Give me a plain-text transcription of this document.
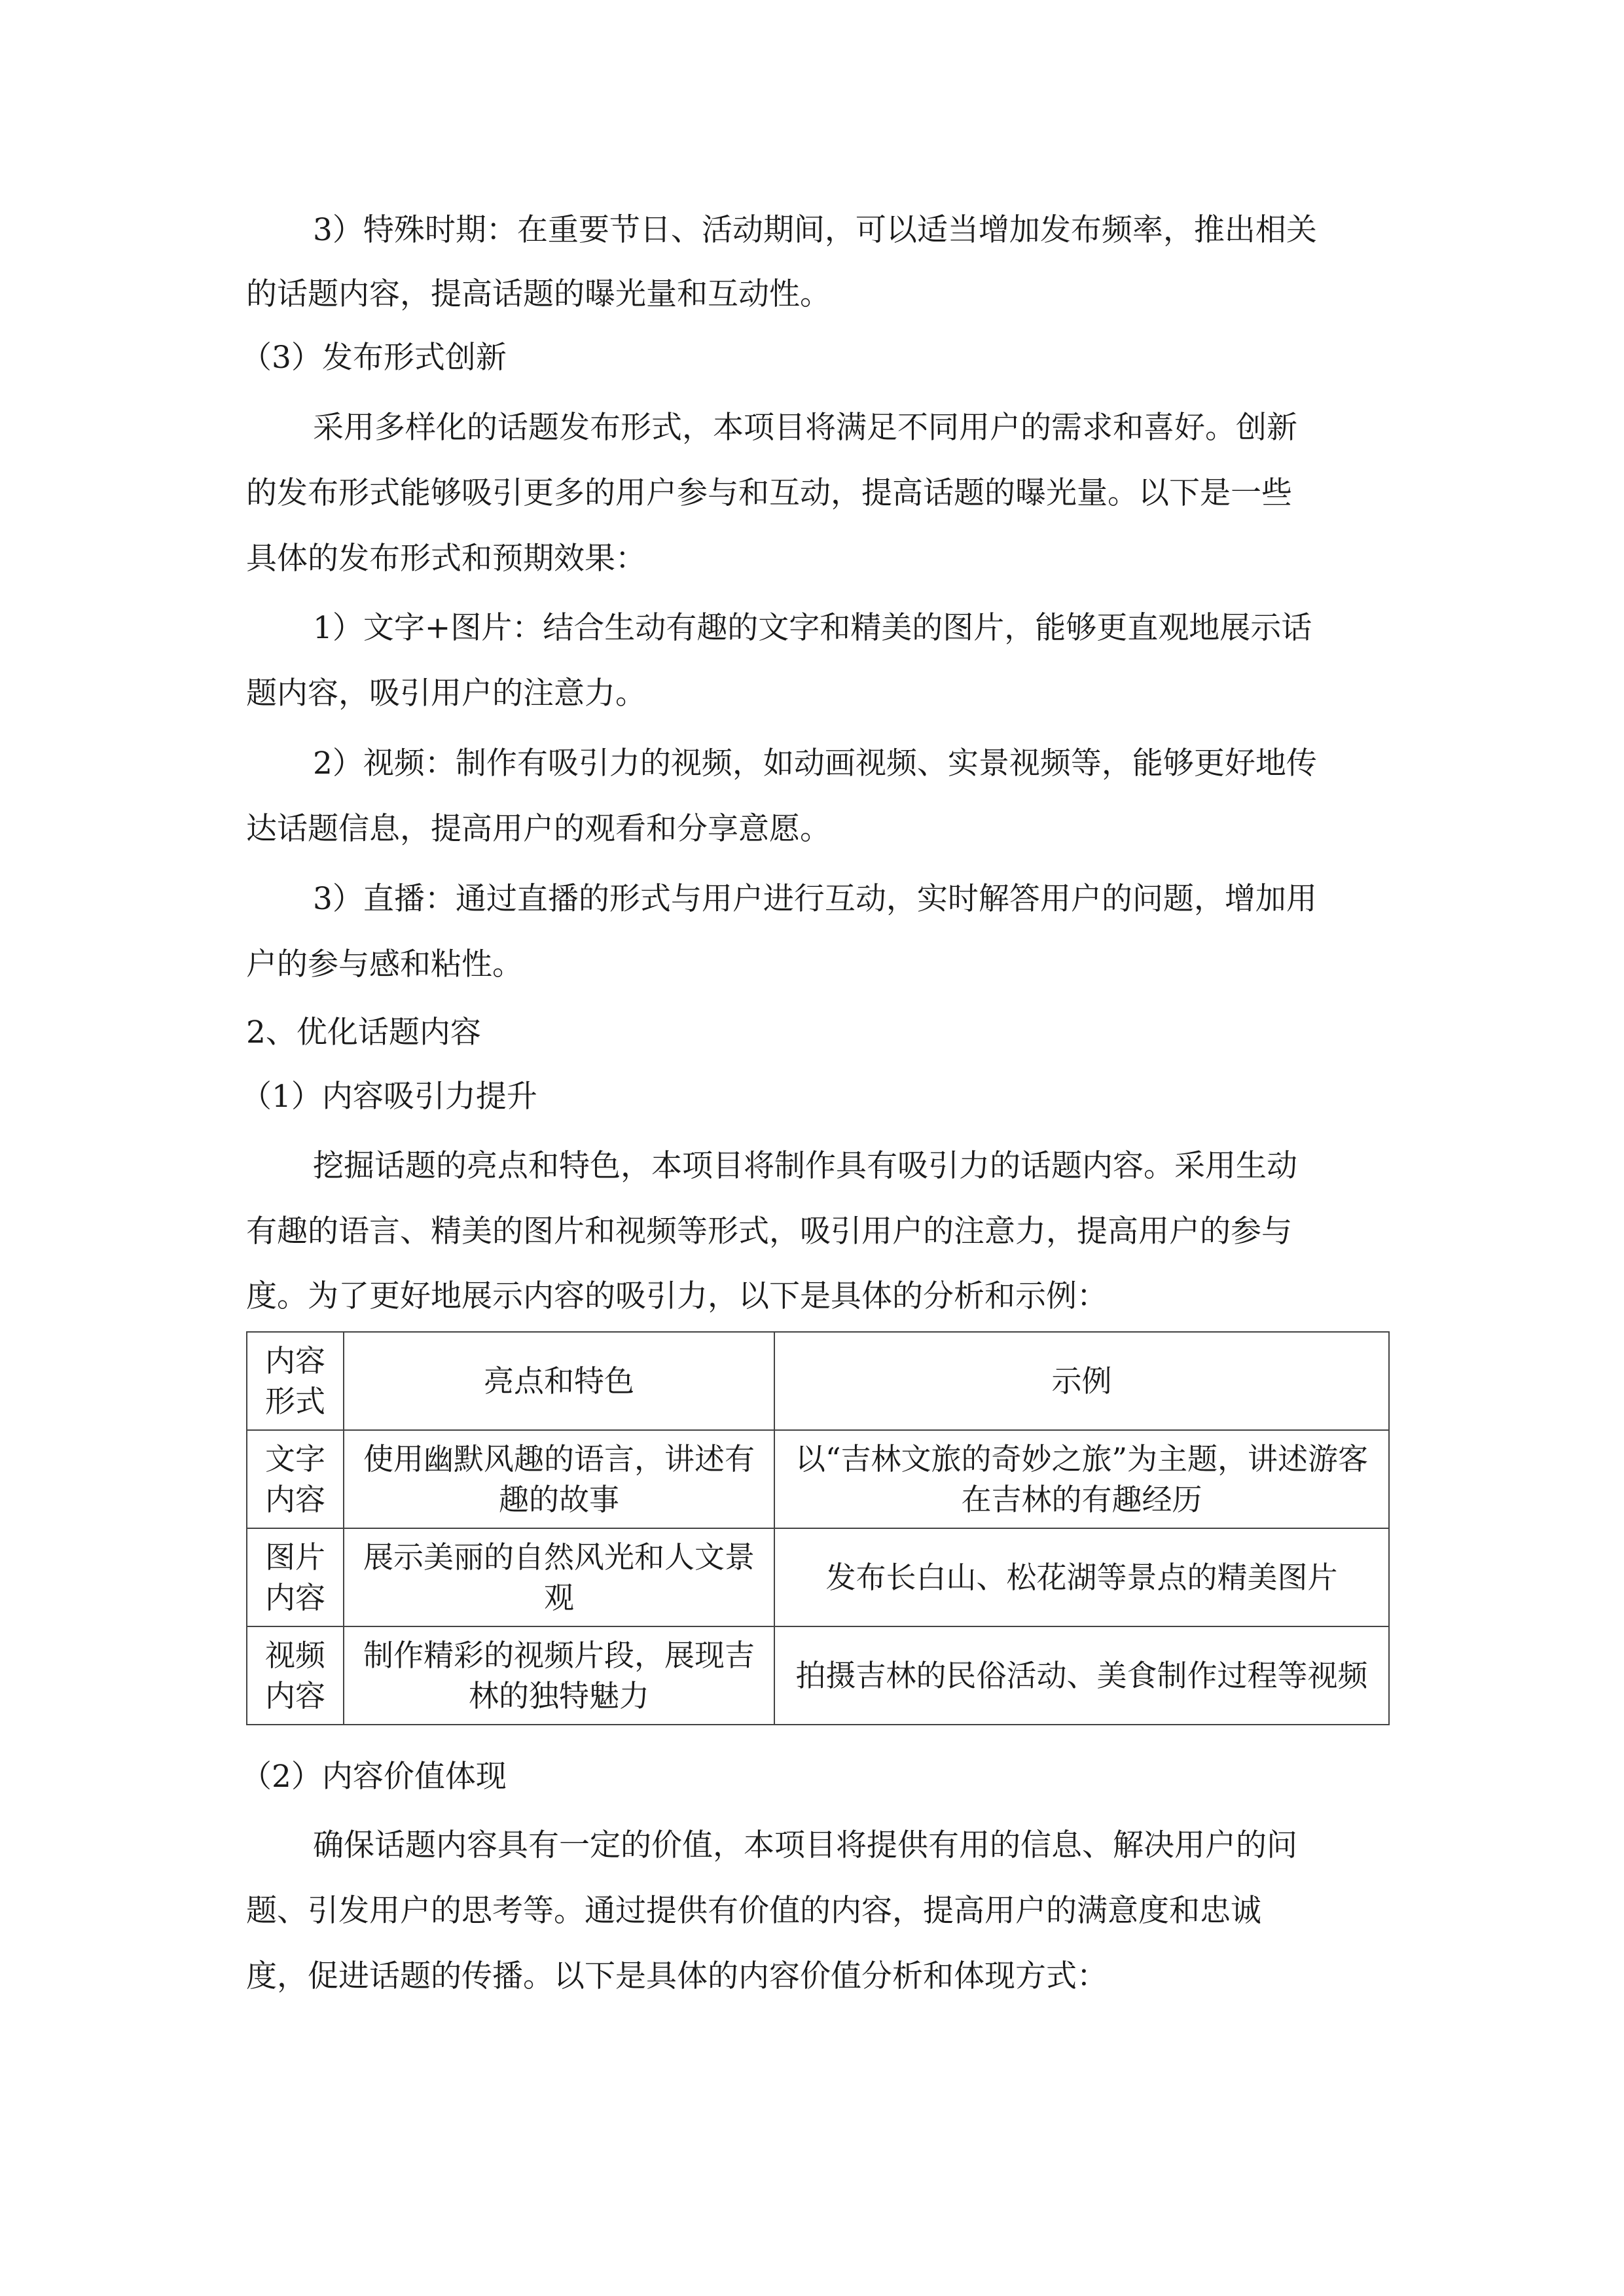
3）特殊时期：在重要节日、活动期间，可以适当增加发布频率，推出相关
的话题内容，提高话题的曝光量和互动性。
（3）发布形式创新
采用多样化的话题发布形式，本项目将满足不同用户的需求和喜好。创新
的发布形式能够吸引更多的用户参与和互动，提高话题的曝光量。以下是一些
具体的发布形式和预期效果：
1）文字+图片：结合生动有趣的文字和精美的图片，能够更直观地展示话
题内容，吸引用户的注意力。
2）视频：制作有吸引力的视频，如动画视频、实景视频等，能够更好地传
达话题信息，提高用户的观看和分享意愿。
3）直播：通过直播的形式与用户进行互动，实时解答用户的问题，增加用
户的参与感和粘性。
2、优化话题内容
（1）内容吸引力提升
挖掘话题的亮点和特色，本项目将制作具有吸引力的话题内容。采用生动
有趣的语言、精美的图片和视频等形式，吸引用户的注意力，提高用户的参与
度。为了更好地展示内容的吸引力，以下是具体的分析和示例：
内容形式	亮点和特色	示例

文字内容	使用幽默风趣的语言，讲述有趣的故事	以“吉林文旅的奇妙之旅”为主题，讲述游客在吉林的有趣经历

图片内容	展示美丽的自然风光和人文景观	发布长白山、松花湖等景点的精美图片

视频内容	制作精彩的视频片段，展现吉林的独特魅力	拍摄吉林的民俗活动、美食制作过程等视频
（2）内容价值体现
确保话题内容具有一定的价值，本项目将提供有用的信息、解决用户的问
题、引发用户的思考等。通过提供有价值的内容，提高用户的满意度和忠诚
度，促进话题的传播。以下是具体的内容价值分析和体现方式：
